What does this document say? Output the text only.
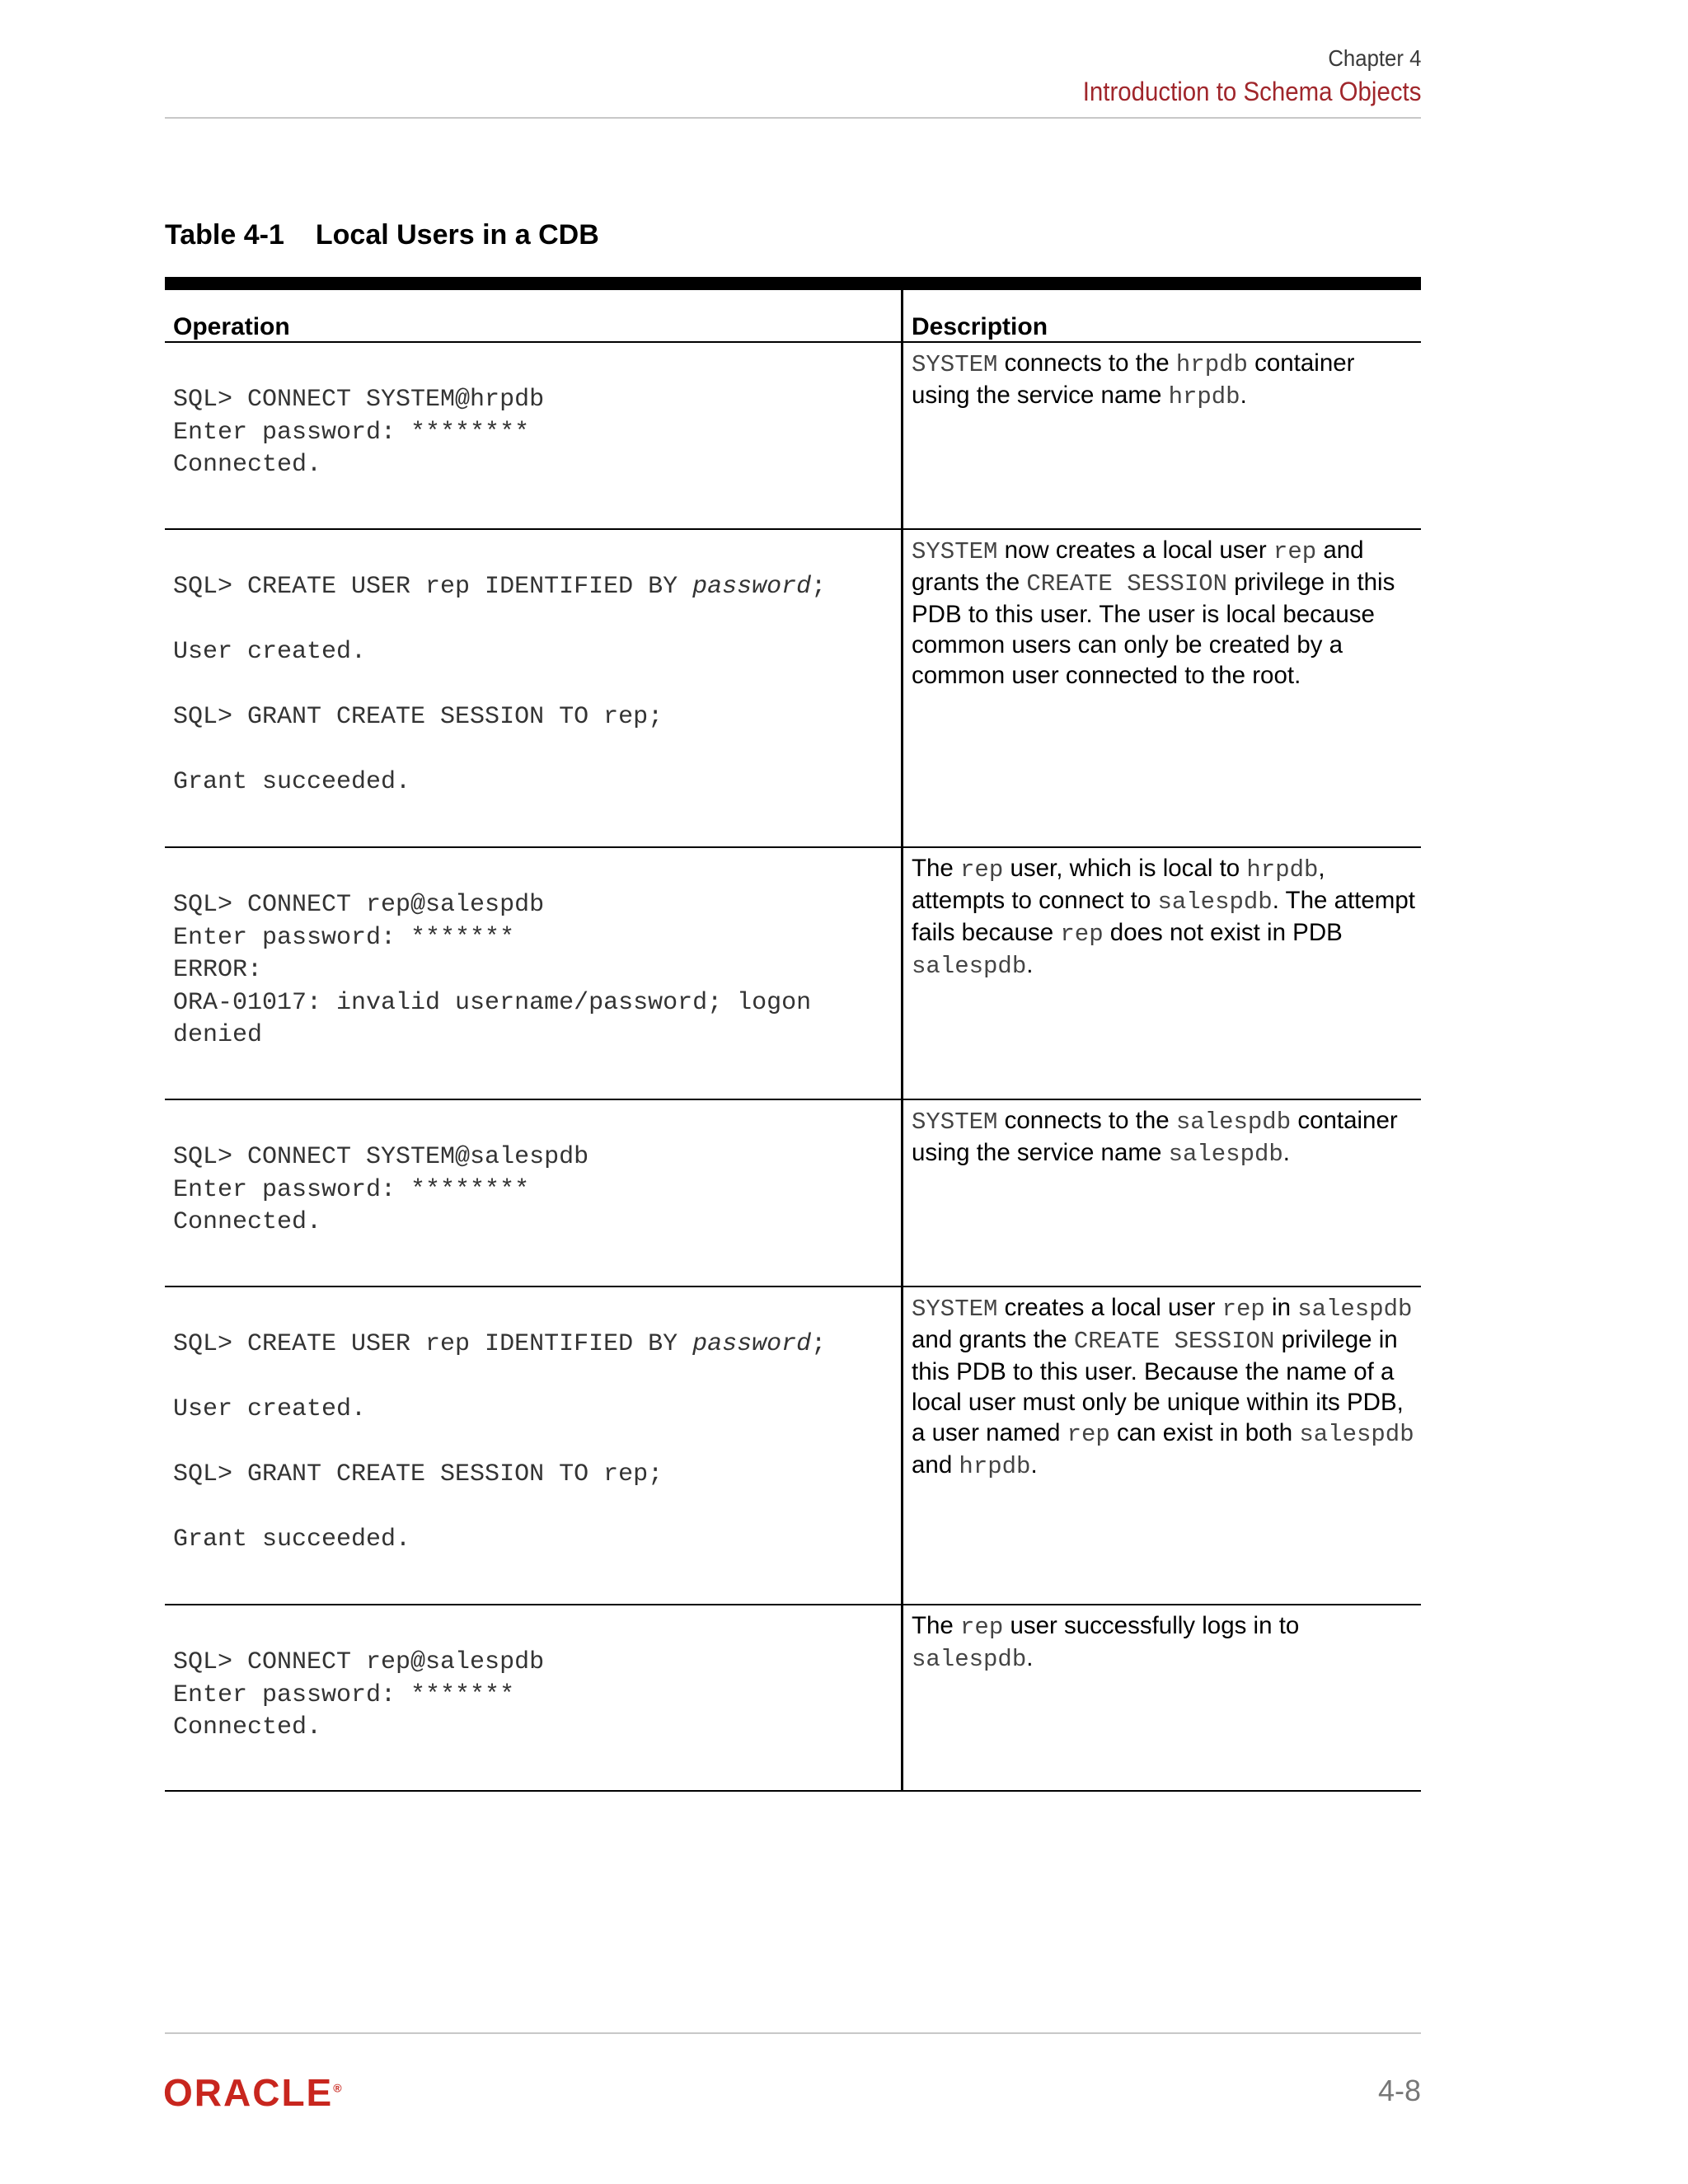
Chapter 4
Introduction to Schema Objects
Table 4-1 Local Users in a CDB
Operation	Description
SQL> CONNECT SYSTEM@hrpdb
Enter password: ********
Connected.
SYSTEM connects to the hrpdb container using the service name hrpdb.
SQL> CREATE USER rep IDENTIFIED BY password;

User created.

SQL> GRANT CREATE SESSION TO rep;

Grant succeeded.
SYSTEM now creates a local user rep and grants the CREATE SESSION privilege in this PDB to this user. The user is local because common users can only be created by a common user connected to the root.
SQL> CONNECT rep@salespdb
Enter password: *******
ERROR:
ORA-01017: invalid username/password; logon
denied
The rep user, which is local to hrpdb, attempts to connect to salespdb. The attempt fails because rep does not exist in PDB salespdb.
SQL> CONNECT SYSTEM@salespdb
Enter password: ********
Connected.
SYSTEM connects to the salespdb container using the service name salespdb.
SQL> CREATE USER rep IDENTIFIED BY password;

User created.

SQL> GRANT CREATE SESSION TO rep;

Grant succeeded.
SYSTEM creates a local user rep in salespdb and grants the CREATE SESSION privilege in this PDB to this user. Because the name of a local user must only be unique within its PDB, a user named rep can exist in both salespdb and hrpdb.
SQL> CONNECT rep@salespdb
Enter password: *******
Connected.
The rep user successfully logs in to salespdb.
ORACLE®	4-8
